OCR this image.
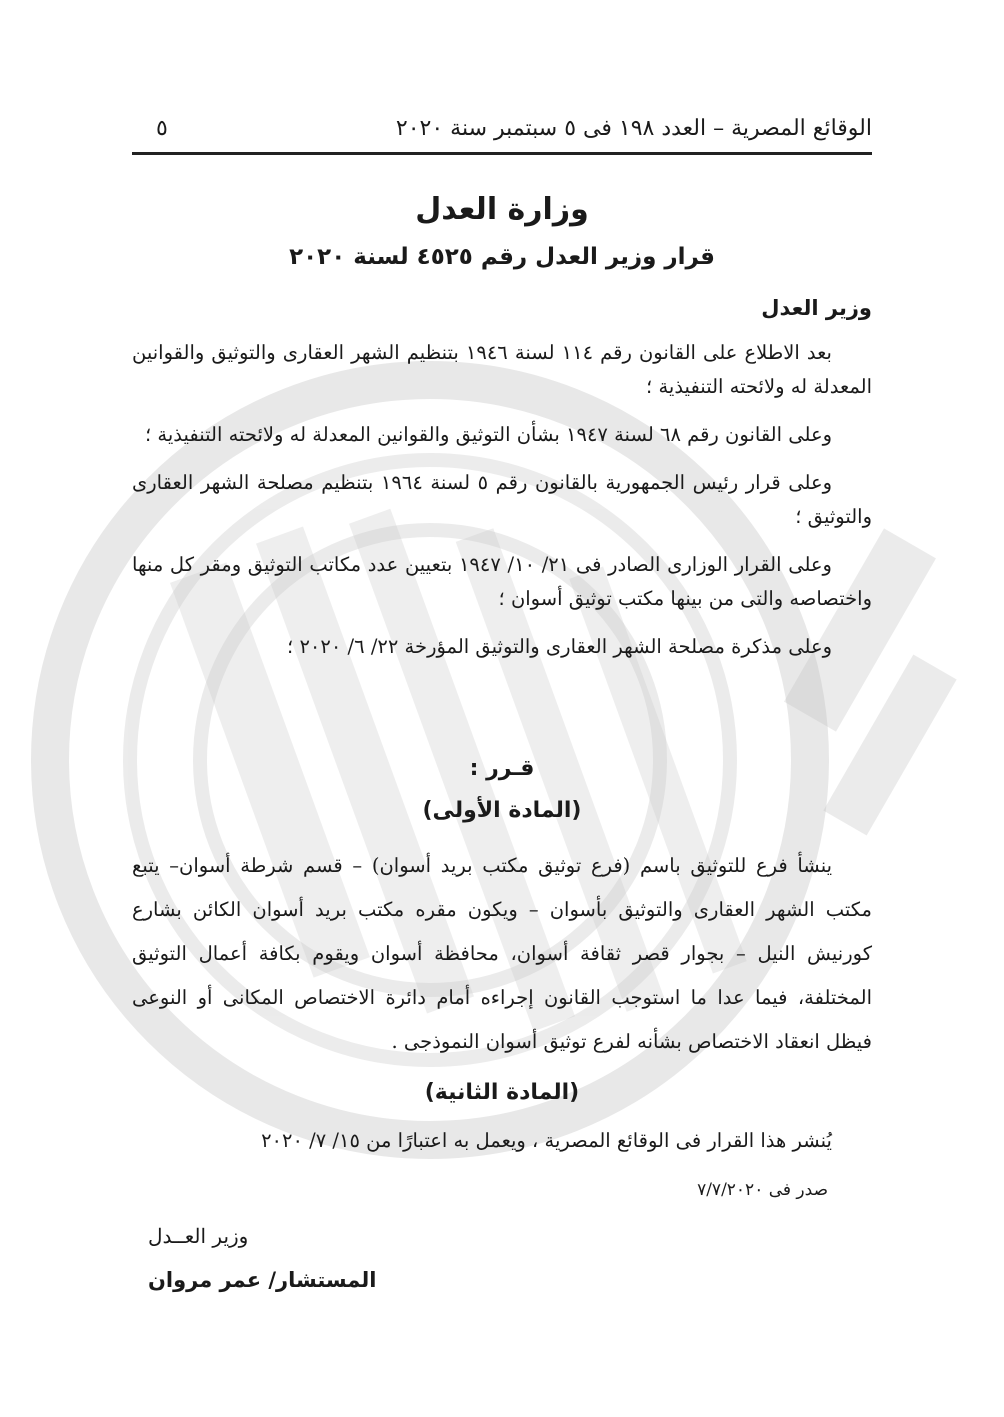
الوقائع المصرية – العدد ١٩٨ فى ٥ سبتمبر سنة ٢٠٢٠
٥
وزارة العدل
قرار وزير العدل رقم ٤٥٢٥ لسنة ٢٠٢٠
وزير العدل

بعد الاطلاع على القانون رقم ١١٤ لسنة ١٩٤٦ بتنظيم الشهر العقارى والتوثيق والقوانين المعدلة له ولائحته التنفيذية ؛

وعلى القانون رقم ٦٨ لسنة ١٩٤٧ بشأن التوثيق والقوانين المعدلة له ولائحته التنفيذية ؛

وعلى قرار رئيس الجمهورية بالقانون رقم ٥ لسنة ١٩٦٤ بتنظيم مصلحة الشهر العقارى والتوثيق ؛

وعلى القرار الوزارى الصادر فى ٢١/ ١٠/ ١٩٤٧ بتعيين عدد مكاتب التوثيق ومقر كل منها واختصاصه والتى من بينها مكتب توثيق أسوان ؛

وعلى مذكرة مصلحة الشهر العقارى والتوثيق المؤرخة ٢٢/ ٦/ ٢٠٢٠ ؛

قـرر :
(المادة الأولى)

ينشأ فرع للتوثيق باسم (فرع توثيق مكتب بريد أسوان) – قسم شرطة أسوان– يتبع مكتب الشهر العقارى والتوثيق بأسوان – ويكون مقره مكتب بريد أسوان الكائن بشارع كورنيش النيل – بجوار قصر ثقافة أسوان، محافظة أسوان ويقوم بكافة أعمال التوثيق المختلفة، فيما عدا ما استوجب القانون إجراءه أمام دائرة الاختصاص المكانى أو النوعى فيظل انعقاد الاختصاص بشأنه لفرع توثيق أسوان النموذجى .

(المادة الثانية)

يُنشر هذا القرار فى الوقائع المصرية ، ويعمل به اعتبارًا من ١٥/ ٧/ ٢٠٢٠

صدر فى ٧/٧/٢٠٢٠
وزير العــدل
المستشار/ عمر مروان
